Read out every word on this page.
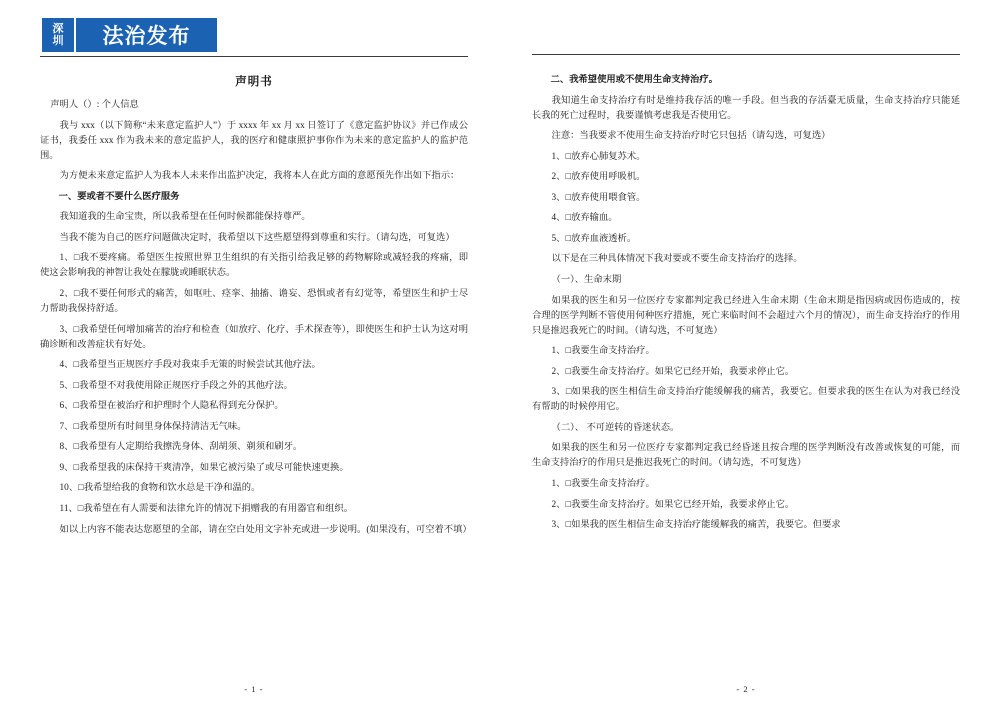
深
圳	法治发布
声明书

声明人（）: 个人信息

我与 xxx（以下简称“未来意定监护人”）于 xxxx 年 xx 月 xx 日签订了《意定监护协议》并已作成公证书，我委任 xxx 作为我未来的意定监护人，我的医疗和健康照护事你作为未来的意定监护人的监护范围。

为方便未来意定监护人为我本人未来作出监护决定，我将本人在此方面的意愿预先作出如下指示：

一、要或者不要什么医疗服务

我知道我的生命宝贵，所以我希望在任何时候都能保持尊严。

当我不能为自己的医疗问题做决定时，我希望以下这些愿望得到尊重和实行。（请勾选，可复选）

1、□我不要疼痛。希望医生按照世界卫生组织的有关指引给我足够的药物解除或减轻我的疼痛，即使这会影响我的神智让我处在朦胧或睡眠状态。

2、□我不要任何形式的痛苦，如呕吐、痉挛、抽搐、谵妄、恐惧或者有幻觉等，希望医生和护士尽力帮助我保持舒适。

3、□我希望任何增加痛苦的治疗和检查（如放疗、化疗、手术探查等），即使医生和护士认为这对明确诊断和改善症状有好处。

4、□我希望当正规医疗手段对我束手无策的时候尝试其他疗法。

5、□我希望不对我使用除正规医疗手段之外的其他疗法。

6、□我希望在被治疗和护理时个人隐私得到充分保护。

7、□我希望所有时间里身体保持清洁无气味。

8、□我希望有人定期给我擦洗身体、刮胡须、剃须和刷牙。

9、□我希望我的床保持干爽清净，如果它被污染了或尽可能快速更换。

10、□我希望给我的食物和饮水总是干净和温的。

11、□我希望在有人需要和法律允许的情况下捐赠我的有用器官和组织。

如以上内容不能表达您愿望的全部，请在空白处用文字补充或进一步说明。(如果没有，可空着不填）

- 1 -

二、我希望使用或不使用生命支持治疗。

我知道生命支持治疗有时是维持我存活的唯一手段。但当我的存活臺无质量，生命支持治疗只能延长我的死亡过程时，我要谨慎考虑我是否使用它。

注意：当我要求不使用生命支持治疗时它只包括（请勾选，可复选）

1、□放弃心肺复苏术。

2、□放弃使用呼吸机。

3、□放弃使用喂食管。

4、□放弃输血。

5、□放弃血液透析。

以下是在三种具体情况下我对要或不要生命支持治疗的选择。

（一）、生命末期

如果我的医生和另一位医疗专家都判定我已经进入生命末期（生命末期是指因病或因伤造成的，按合理的医学判断不管使用何种医疗措施，死亡来临时间不会超过六个月的情况），而生命支持治疗的作用只是推迟我死亡的时间。（请勾选，不可复选）

1、□我要生命支持治疗。

2、□我要生命支持治疗。如果它已经开始，我要求停止它。

3、□如果我的医生相信生命支持治疗能缓解我的痛苦，我要它。但要求我的医生在认为对我已经没有帮助的时候停用它。

（二）、 不可逆转的昏迷状态。

如果我的医生和另一位医疗专家都判定我已经昏迷且按合理的医学判断没有改善或恢复的可能，而生命支持治疗的作用只是推迟我死亡的时间。（请勾选，不可复选）

1、□我要生命支持治疗。

2、□我要生命支持治疗。如果它已经开始，我要求停止它。

3、□如果我的医生相信生命支持治疗能缓解我的痛苦，我要它。但要求

- 2 -
